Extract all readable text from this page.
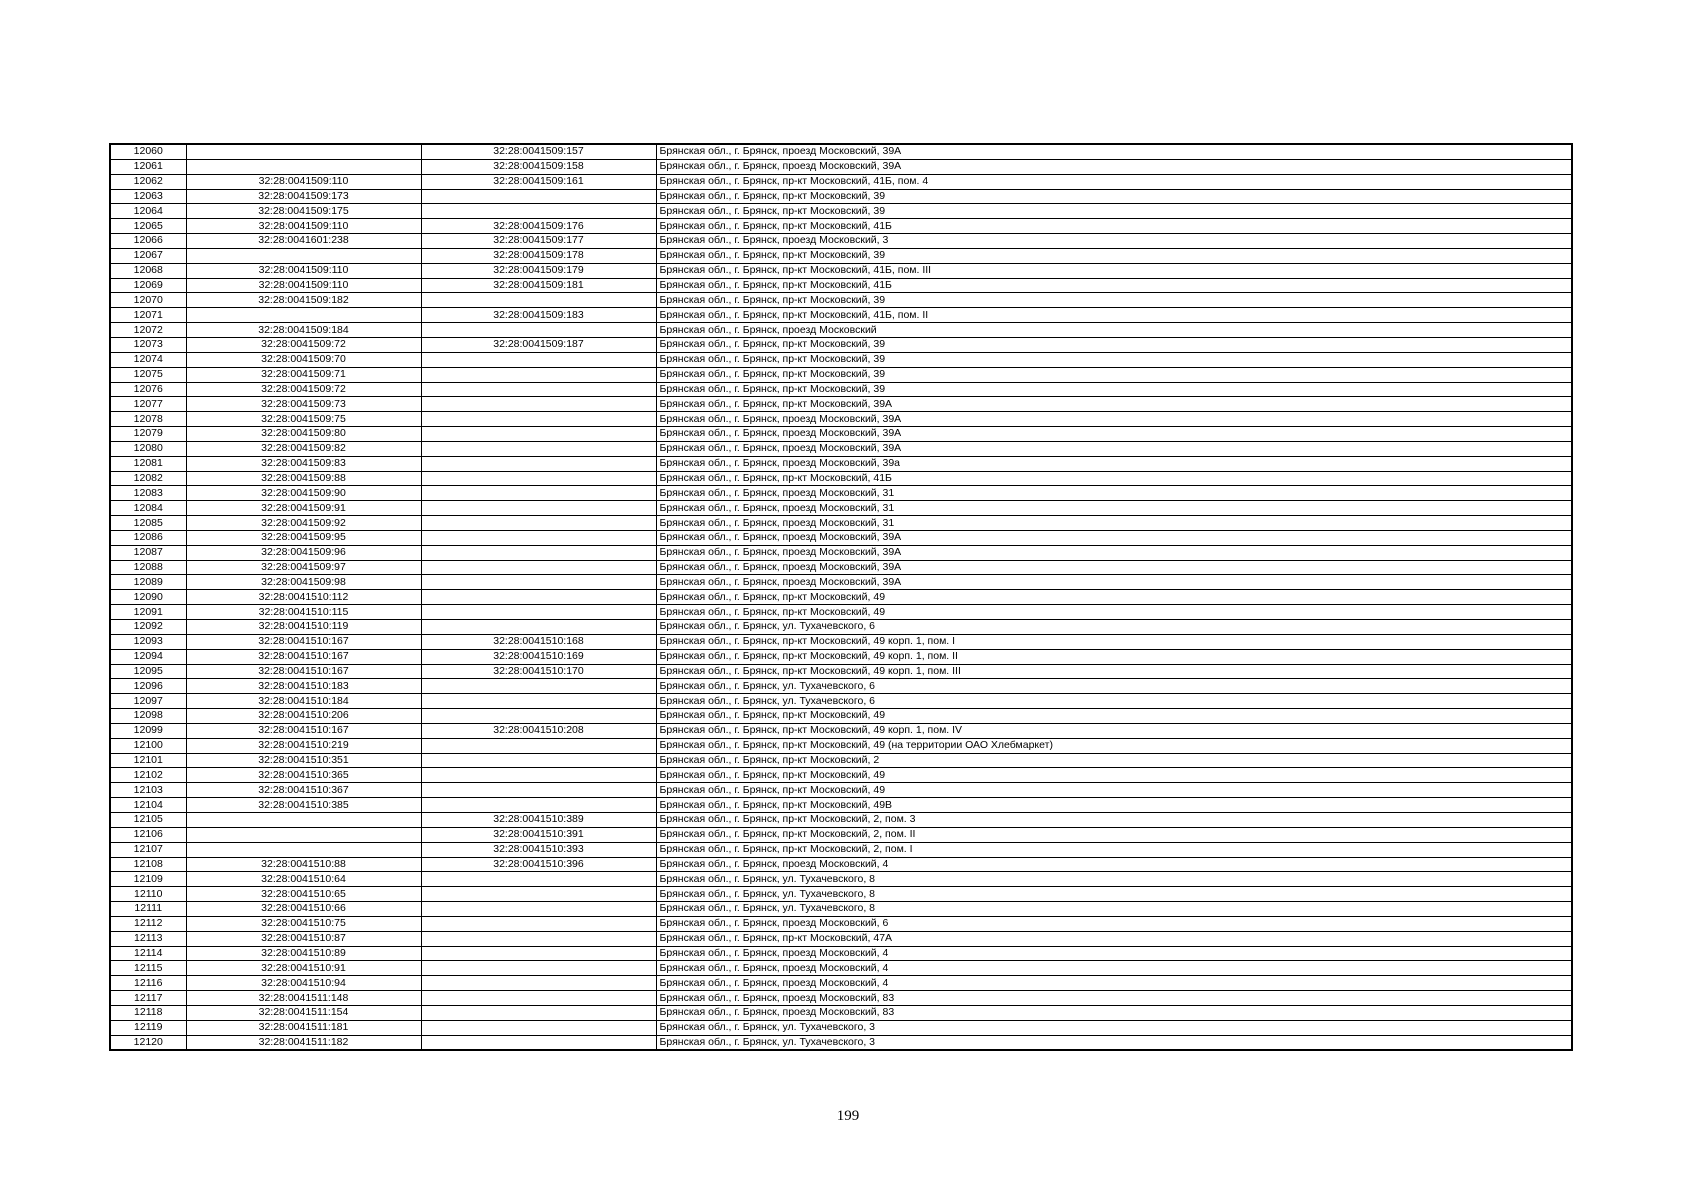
12060		32:28:0041509:157	Брянская обл., г. Брянск, проезд Московский, 39А
12061		32:28:0041509:158	Брянская обл., г. Брянск, проезд Московский, 39А
12062	32:28:0041509:110	32:28:0041509:161	Брянская обл., г. Брянск, пр-кт Московский, 41Б, пом. 4
12063	32:28:0041509:173		Брянская обл., г. Брянск, пр-кт Московский, 39
12064	32:28:0041509:175		Брянская обл., г. Брянск, пр-кт Московский, 39
12065	32:28:0041509:110	32:28:0041509:176	Брянская обл., г. Брянск, пр-кт Московский, 41Б
12066	32:28:0041601:238	32:28:0041509:177	Брянская обл., г. Брянск, проезд Московский, 3
12067		32:28:0041509:178	Брянская обл., г. Брянск, пр-кт Московский, 39
12068	32:28:0041509:110	32:28:0041509:179	Брянская обл., г. Брянск, пр-кт Московский, 41Б, пом. III
12069	32:28:0041509:110	32:28:0041509:181	Брянская обл., г. Брянск, пр-кт Московский, 41Б
12070	32:28:0041509:182		Брянская обл., г. Брянск, пр-кт Московский, 39
12071		32:28:0041509:183	Брянская обл., г. Брянск, пр-кт Московский, 41Б, пом. II
12072	32:28:0041509:184		Брянская обл., г. Брянск, проезд Московский
12073	32:28:0041509:72	32:28:0041509:187	Брянская обл., г. Брянск, пр-кт Московский, 39
12074	32:28:0041509:70		Брянская обл., г. Брянск, пр-кт Московский, 39
12075	32:28:0041509:71		Брянская обл., г. Брянск, пр-кт Московский, 39
12076	32:28:0041509:72		Брянская обл., г. Брянск, пр-кт Московский, 39
12077	32:28:0041509:73		Брянская обл., г. Брянск, пр-кт Московский, 39А
12078	32:28:0041509:75		Брянская обл., г. Брянск, проезд Московский, 39А
12079	32:28:0041509:80		Брянская обл., г. Брянск, проезд Московский, 39А
12080	32:28:0041509:82		Брянская обл., г. Брянск, проезд Московский, 39А
12081	32:28:0041509:83		Брянская обл., г. Брянск, проезд Московский, 39а
12082	32:28:0041509:88		Брянская обл., г. Брянск, пр-кт Московский, 41Б
12083	32:28:0041509:90		Брянская обл., г. Брянск, проезд Московский, 31
12084	32:28:0041509:91		Брянская обл., г. Брянск, проезд Московский, 31
12085	32:28:0041509:92		Брянская обл., г. Брянск, проезд Московский, 31
12086	32:28:0041509:95		Брянская обл., г. Брянск, проезд Московский, 39А
12087	32:28:0041509:96		Брянская обл., г. Брянск, проезд Московский, 39А
12088	32:28:0041509:97		Брянская обл., г. Брянск, проезд Московский, 39А
12089	32:28:0041509:98		Брянская обл., г. Брянск, проезд Московский, 39А
12090	32:28:0041510:112		Брянская обл., г. Брянск, пр-кт Московский, 49
12091	32:28:0041510:115		Брянская обл., г. Брянск, пр-кт Московский, 49
12092	32:28:0041510:119		Брянская обл., г. Брянск, ул. Тухачевского, 6
12093	32:28:0041510:167	32:28:0041510:168	Брянская обл., г. Брянск, пр-кт Московский, 49 корп. 1, пом. I
12094	32:28:0041510:167	32:28:0041510:169	Брянская обл., г. Брянск, пр-кт Московский, 49 корп. 1, пом. II
12095	32:28:0041510:167	32:28:0041510:170	Брянская обл., г. Брянск, пр-кт Московский, 49 корп. 1, пом. III
12096	32:28:0041510:183		Брянская обл., г. Брянск, ул. Тухачевского, 6
12097	32:28:0041510:184		Брянская обл., г. Брянск, ул. Тухачевского, 6
12098	32:28:0041510:206		Брянская обл., г. Брянск, пр-кт Московский, 49
12099	32:28:0041510:167	32:28:0041510:208	Брянская обл., г. Брянск, пр-кт Московский, 49 корп. 1, пом. IV
12100	32:28:0041510:219		Брянская обл., г. Брянск, пр-кт Московский, 49 (на территории ОАО Хлебмаркет)
12101	32:28:0041510:351		Брянская обл., г. Брянск, пр-кт Московский, 2
12102	32:28:0041510:365		Брянская обл., г. Брянск, пр-кт Московский, 49
12103	32:28:0041510:367		Брянская обл., г. Брянск, пр-кт Московский, 49
12104	32:28:0041510:385		Брянская обл., г. Брянск, пр-кт Московский, 49В
12105		32:28:0041510:389	Брянская обл., г. Брянск, пр-кт Московский, 2, пом. 3
12106		32:28:0041510:391	Брянская обл., г. Брянск, пр-кт Московский, 2, пом. II
12107		32:28:0041510:393	Брянская обл., г. Брянск, пр-кт Московский, 2, пом. I
12108	32:28:0041510:88	32:28:0041510:396	Брянская обл., г. Брянск, проезд Московский, 4
12109	32:28:0041510:64		Брянская обл., г. Брянск, ул. Тухачевского, 8
12110	32:28:0041510:65		Брянская обл., г. Брянск, ул. Тухачевского, 8
12111	32:28:0041510:66		Брянская обл., г. Брянск, ул. Тухачевского, 8
12112	32:28:0041510:75		Брянская обл., г. Брянск, проезд Московский, 6
12113	32:28:0041510:87		Брянская обл., г. Брянск, пр-кт Московский, 47А
12114	32:28:0041510:89		Брянская обл., г. Брянск, проезд Московский, 4
12115	32:28:0041510:91		Брянская обл., г. Брянск, проезд Московский, 4
12116	32:28:0041510:94		Брянская обл., г. Брянск, проезд Московский, 4
12117	32:28:0041511:148		Брянская обл., г. Брянск, проезд Московский, 83
12118	32:28:0041511:154		Брянская обл., г. Брянск, проезд Московский, 83
12119	32:28:0041511:181		Брянская обл., г. Брянск, ул. Тухачевского, 3
12120	32:28:0041511:182		Брянская обл., г. Брянск, ул. Тухачевского, 3
199
